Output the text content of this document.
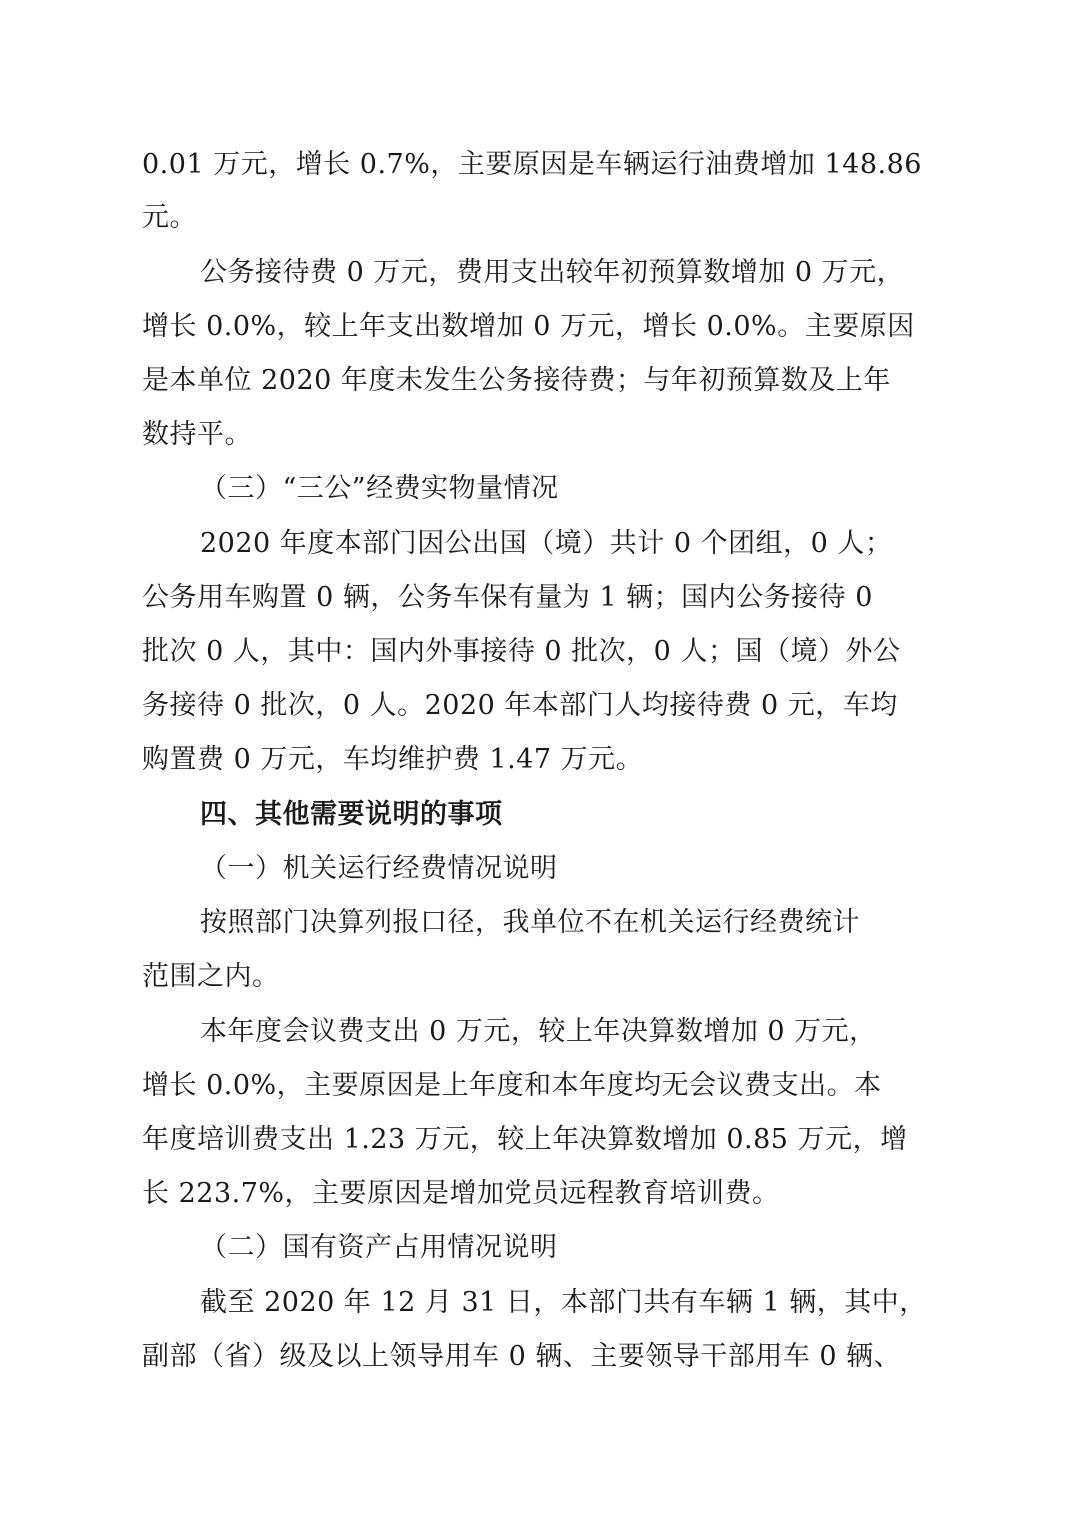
0.01 万元，增长 0.7%，主要原因是车辆运行油费增加 148.86
元。
公务接待费 0 万元，费用支出较年初预算数增加 0 万元，
增长 0.0%，较上年支出数增加 0 万元，增长 0.0%。主要原因
是本单位 2020 年度未发生公务接待费；与年初预算数及上年
数持平。
（三）“三公”经费实物量情况
2020 年度本部门因公出国（境）共计 0 个团组，0 人；
公务用车购置 0 辆，公务车保有量为 1 辆；国内公务接待 0
批次 0 人，其中：国内外事接待 0 批次，0 人；国（境）外公
务接待 0 批次，0 人。2020 年本部门人均接待费 0 元，车均
购置费 0 万元，车均维护费 1.47 万元。
四、其他需要说明的事项
（一）机关运行经费情况说明
按照部门决算列报口径，我单位不在机关运行经费统计
范围之内。
本年度会议费支出 0 万元，较上年决算数增加 0 万元，
增长 0.0%，主要原因是上年度和本年度均无会议费支出。本
年度培训费支出 1.23 万元，较上年决算数增加 0.85 万元，增
长 223.7%，主要原因是增加党员远程教育培训费。
（二）国有资产占用情况说明
截至 2020 年 12 月 31 日，本部门共有车辆 1 辆，其中，
副部（省）级及以上领导用车 0 辆、主要领导干部用车 0 辆、
